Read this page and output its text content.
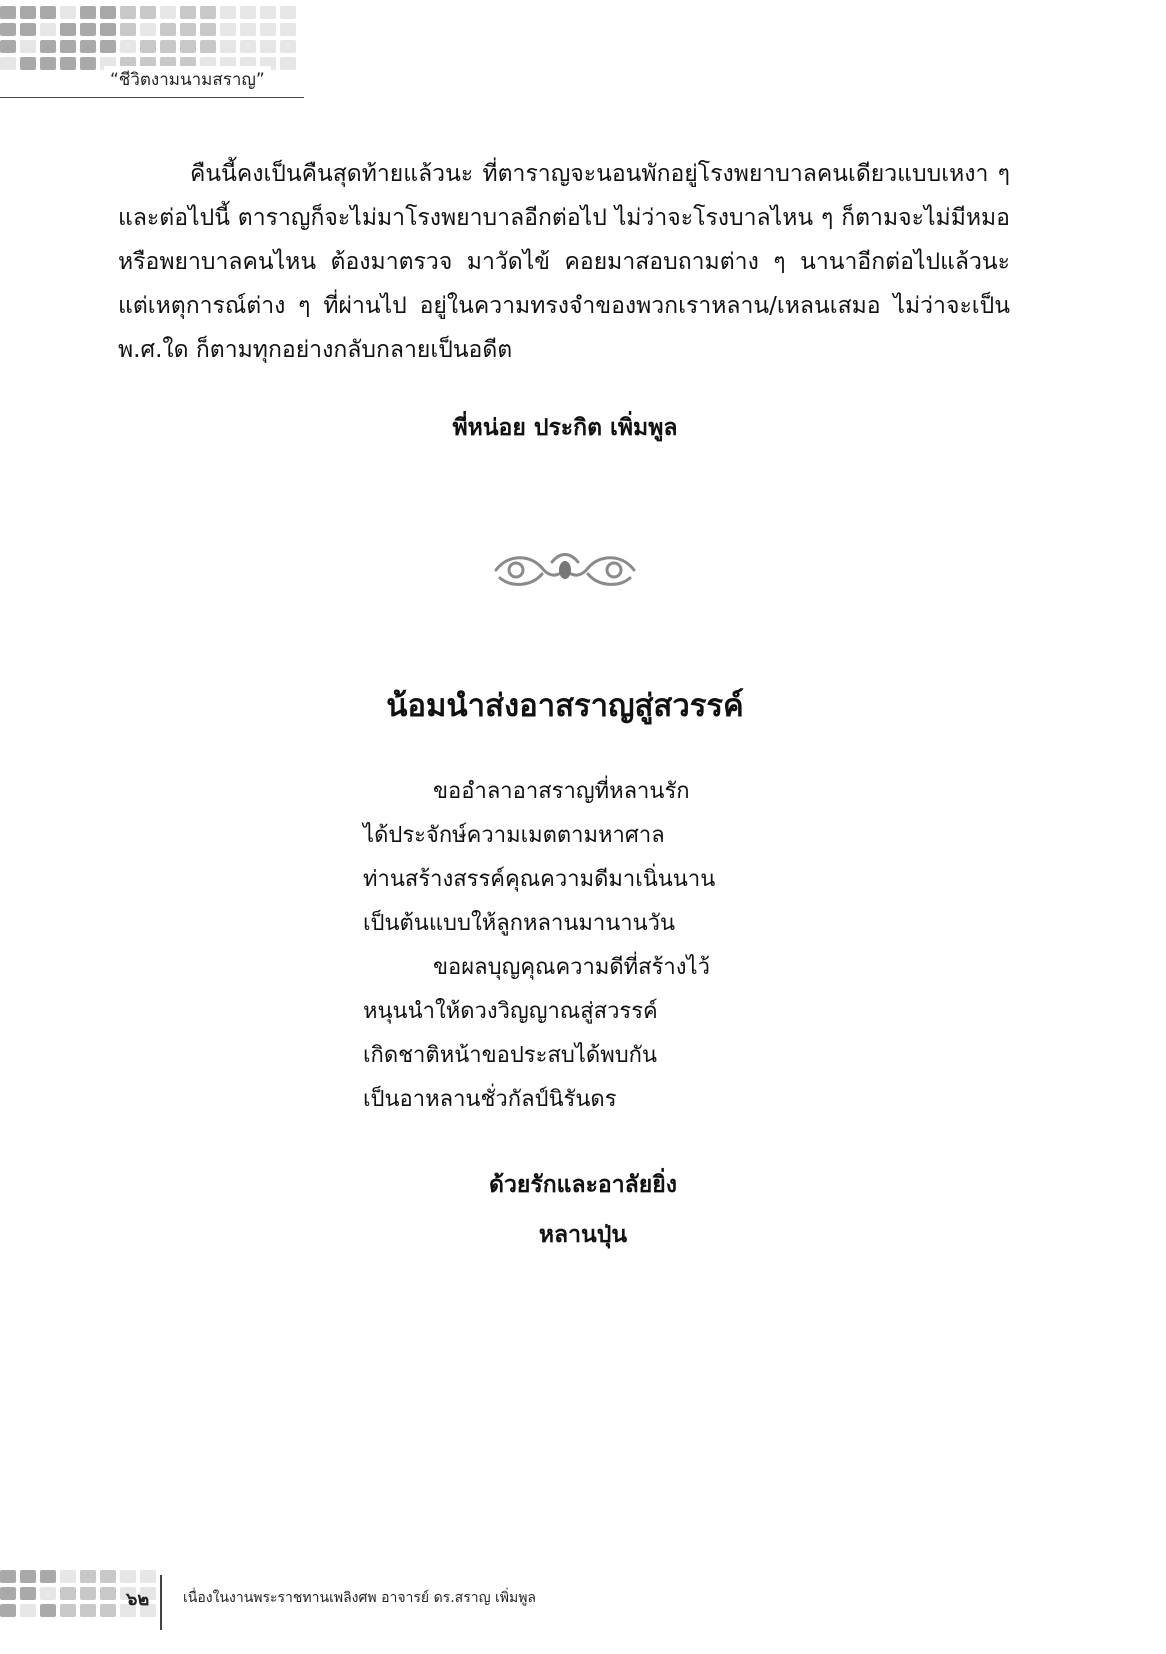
“ชีวิตงามนามสราญ”

คืนนี้คงเป็นคืนสุดท้ายแล้วนะ ที่ตาราญจะนอนพักอยู่โรงพยาบาลคนเดียวแบบเหงา ๆ และต่อไปนี้ ตาราญก็จะไม่มาโรงพยาบาลอีกต่อไป ไม่ว่าจะโรงบาลไหน ๆ ก็ตามจะไม่มีหมอ หรือพยาบาลคนไหน ต้องมาตรวจ มาวัดไข้ คอยมาสอบถามต่าง ๆ นานาอีกต่อไปแล้วนะ แต่เหตุการณ์ต่าง ๆ ที่ผ่านไป อยู่ในความทรงจำของพวกเราหลาน/เหลนเสมอ ไม่ว่าจะเป็น พ.ศ.ใด ก็ตามทุกอย่างกลับกลายเป็นอดีต

พี่หน่อย ประกิต เพิ่มพูล
น้อมนำส่งอาสราญสู่สวรรค์
ขออำลาอาสราญที่หลานรัก
ได้ประจักษ์ความเมตตามหาศาล
ท่านสร้างสรรค์คุณความดีมาเนิ่นนาน
เป็นต้นแบบให้ลูกหลานมานานวัน
ขอผลบุญคุณความดีที่สร้างไว้
หนุนนำให้ดวงวิญญาณสู่สวรรค์
เกิดชาติหน้าขอประสบได้พบกัน
เป็นอาหลานชั่วกัลป์นิรันดร
ด้วยรักและอาลัยยิ่ง
หลานปุ่น
๖๒ เนื่องในงานพระราชทานเพลิงศพ อาจารย์ ดร.สราญ เพิ่มพูล
